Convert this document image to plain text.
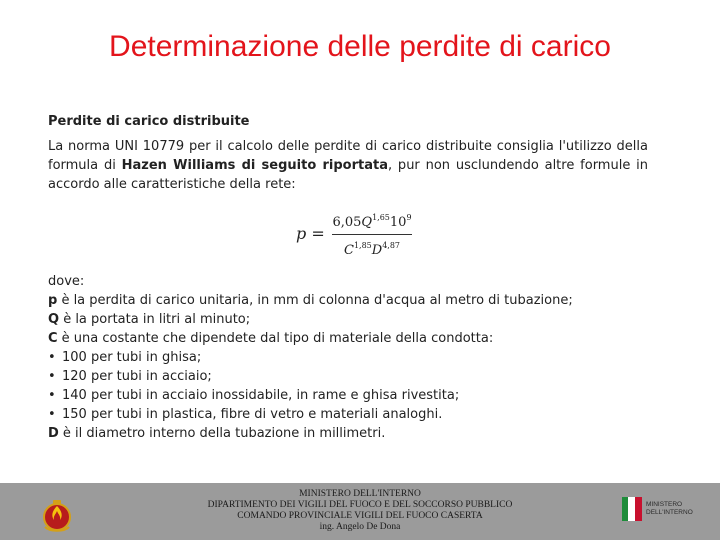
Determinazione delle perdite di carico
Perdite di carico distribuite
La norma UNI 10779 per il calcolo delle perdite di carico distribuite consiglia l'utilizzo della formula di Hazen Williams di seguito riportata, pur non usclundendo altre formule in accordo alle caratteristiche della rete:
$p = \frac{6,05Q^{1,65}10^9}{C^{1,85}D^{4,87}}$
dove:
p è la perdita di carico unitaria, in mm di colonna d'acqua al metro di tubazione;
Q è la portata in litri al minuto;
C è una costante che dipendete dal tipo di materiale della condotta:
• 100 per tubi in ghisa;
• 120 per tubi in acciaio;
• 140 per tubi in acciaio inossidabile, in rame e ghisa rivestita;
• 150 per tubi in plastica, fibre di vetro e materiali analoghi.
D è il diametro interno della tubazione in millimetri.
MINISTERO DELL'INTERNO
DIPARTIMENTO DEI VIGILI DEL FUOCO E DEL SOCCORSO PUBBLICO
COMANDO PROVINCIALE VIGILI DEL FUOCO CASERTA
ing. Angelo De Dona
MINISTERO
DELL'INTERNO
